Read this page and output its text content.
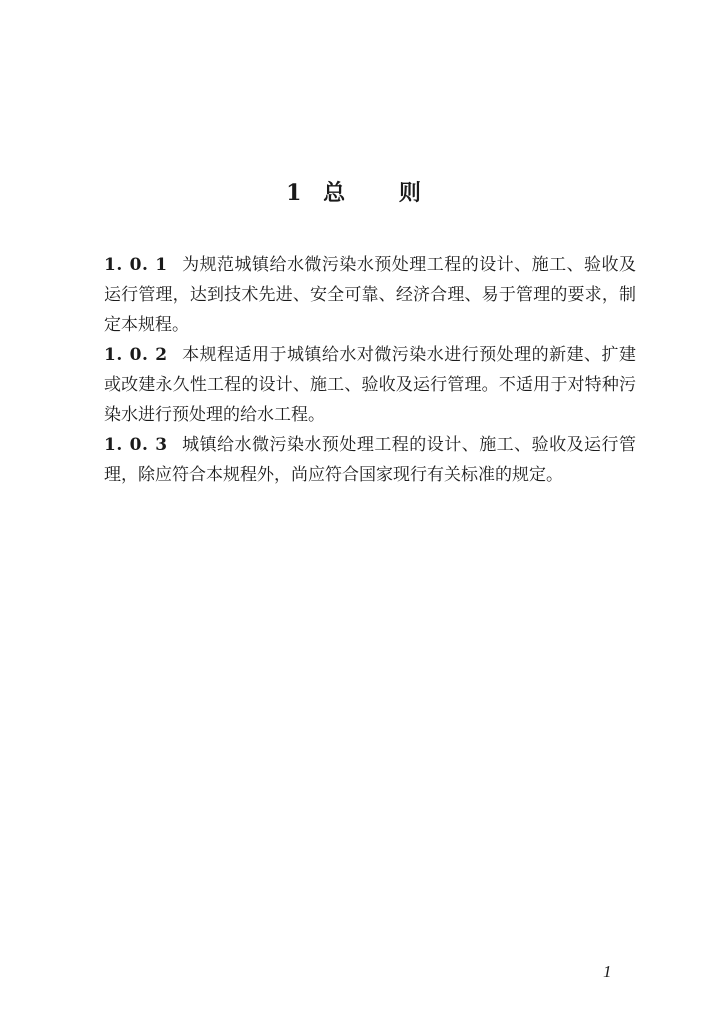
1 总 则

1. 0. 1 为规范城镇给水微污染水预处理工程的设计、施工、验收及运行管理，达到技术先进、安全可靠、经济合理、易于管理的要求，制定本规程。

1. 0. 2 本规程适用于城镇给水对微污染水进行预处理的新建、扩建或改建永久性工程的设计、施工、验收及运行管理。不适用于对特种污染水进行预处理的给水工程。

1. 0. 3 城镇给水微污染水预处理工程的设计、施工、验收及运行管理，除应符合本规程外，尚应符合国家现行有关标准的规定。

1
